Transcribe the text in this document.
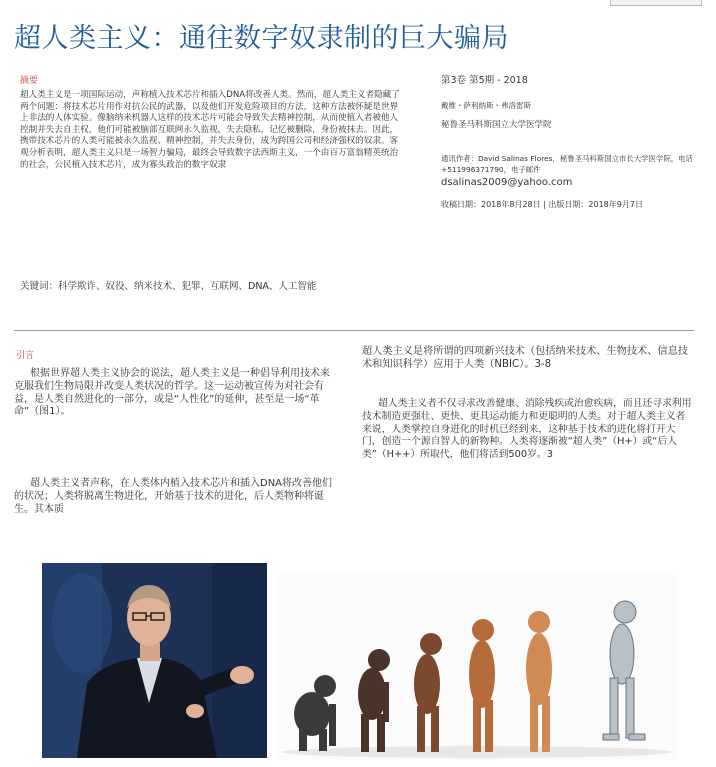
超人类主义：通往数字奴隶制的巨大骗局
摘要
超人类主义是一项国际运动，声称植入技术芯片和插入DNA将改善人类。然而，超人类主义者隐藏了两个问题：将技术芯片用作对抗公民的武器，以及他们开发危险项目的方法，这种方法被怀疑是世界上非法的人体实验。像脑纳米机器人这样的技术芯片可能会导致失去精神控制，从而使植入者被他人控制并失去自主权，他们可能被脑部互联网永久监视，失去隐私，记忆被删除，身份被抹去。因此，携带技术芯片的人类可能被永久监视、精神控制，并失去身份，成为跨国公司和经济强权的奴隶。客观分析表明，超人类主义只是一场智力骗局，最终会导致数字法西斯主义，一个由百万富翁精英统治的社会，公民植入技术芯片，成为寡头政治的数字奴隶
关键词：科学欺诈、奴役、纳米技术、犯罪、互联网、DNA、人工智能
第3卷 第5期 - 2018
戴维・萨利纳斯・弗洛雷斯
秘鲁圣马科斯国立大学医学院
通讯作者：David Salinas Flores，秘鲁圣马科斯国立市长大学医学院，电话 +511996371790，电子邮件
dsalinas2009@yahoo.com
收稿日期：2018年8月28日 | 出版日期：2018年9月7日
引言
根据世界超人类主义协会的说法，超人类主义是一种倡导利用技术来克服我们生物局限并改变人类状况的哲学。这一运动被宣传为对社会有益，是人类自然进化的一部分，或是“人性化”的延伸，甚至是一场“革命”（图1）。
超人类主义者声称，在人类体内植入技术芯片和插入DNA将改善他们的状况；人类将脱离生物进化，开始基于技术的进化，后人类物种将诞生。其本质
超人类主义是将所谓的四项新兴技术（包括纳米技术、生物技术、信息技术和知识科学）应用于人类（NBIC）。3-8
超人类主义者不仅寻求改善健康、消除残疾或治愈疾病，而且还寻求利用技术制造更强壮、更快、更具运动能力和更聪明的人类。对于超人类主义者来说，人类掌控自身进化的时机已经到来，这种基于技术的进化将打开大门，创造一个源自智人的新物种。人类将逐渐被“超人类”（H+）或“后人类”（H++）所取代，他们将活到500岁。3
